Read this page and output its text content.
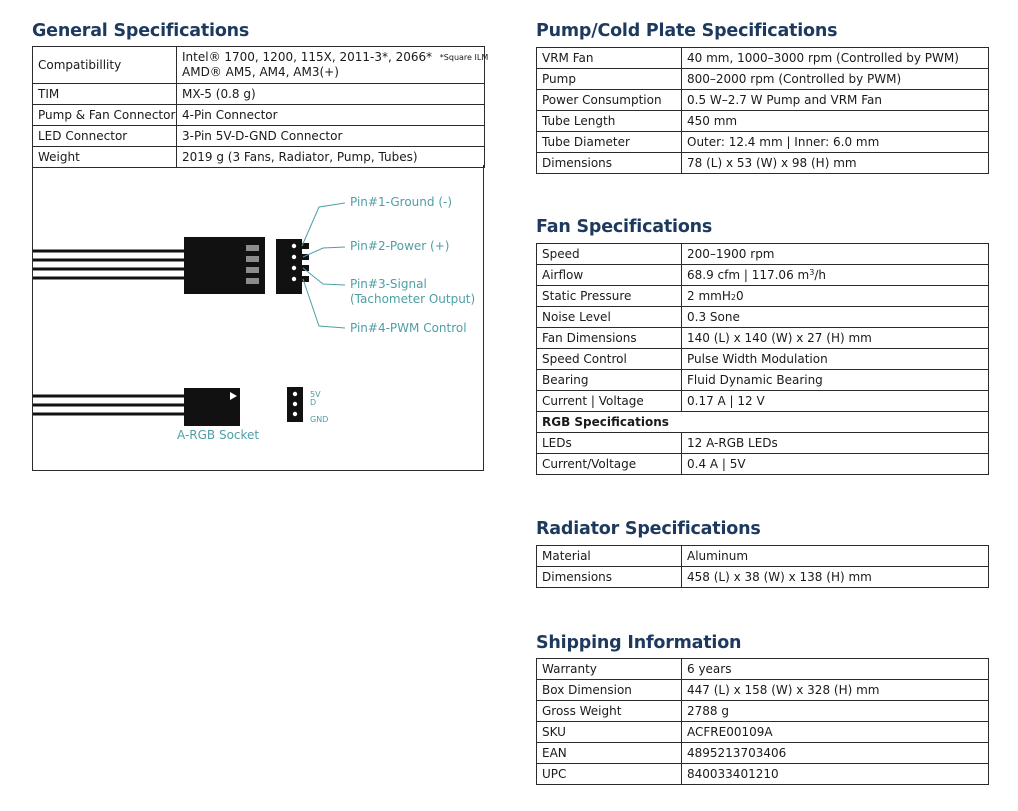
General Specifications
Compatibillity	Intel® 1700, 1200, 115X, 2011-3*, 2066* $^{*Square ILM}$
AMD® AM5, AM4, AM3(+)
TIM	MX-5 (0.8 g)
Pump & Fan Connector	4-Pin Connector
LED Connector	3-Pin 5V-D-GND Connector
Weight	2019 g (3 Fans, Radiator, Pump, Tubes)
Pin#1-Ground (-)
Pin#2-Power (+)
Pin#3-Signal
(Tachometer Output)
Pin#4-PWM Control
A-RGB Socket
5V
D
GND
Pump/Cold Plate Specifications
VRM Fan	40 mm, 1000–3000 rpm (Controlled by PWM)
Pump	800–2000 rpm (Controlled by PWM)
Power Consumption	0.5 W–2.7 W Pump and VRM Fan
Tube Length	450 mm
Tube Diameter	Outer: 12.4 mm | Inner: 6.0 mm
Dimensions	78 (L) x 53 (W) x 98 (H) mm
Fan Specifications
Speed	200–1900 rpm
Airflow	68.9 cfm | 117.06 $m^3/h$
Static Pressure	2 mmH$_2$0
Noise Level	0.3 Sone
Fan Dimensions	140 (L) x 140 (W) x 27 (H) mm
Speed Control	Pulse Width Modulation
Bearing	Fluid Dynamic Bearing
Current | Voltage	0.17 A | 12 V
RGB Specifications	
LEDs	12 A-RGB LEDs
Current/Voltage	0.4 A | 5V
Radiator Specifications
Material	Aluminum
Dimensions	458 (L) x 38 (W) x 138 (H) mm
Shipping Information
Warranty	6 years
Box Dimension	447 (L) x 158 (W) x 328 (H) mm
Gross Weight	2788 g
SKU	ACFRE00109A
EAN	4895213703406
UPC	840033401210
